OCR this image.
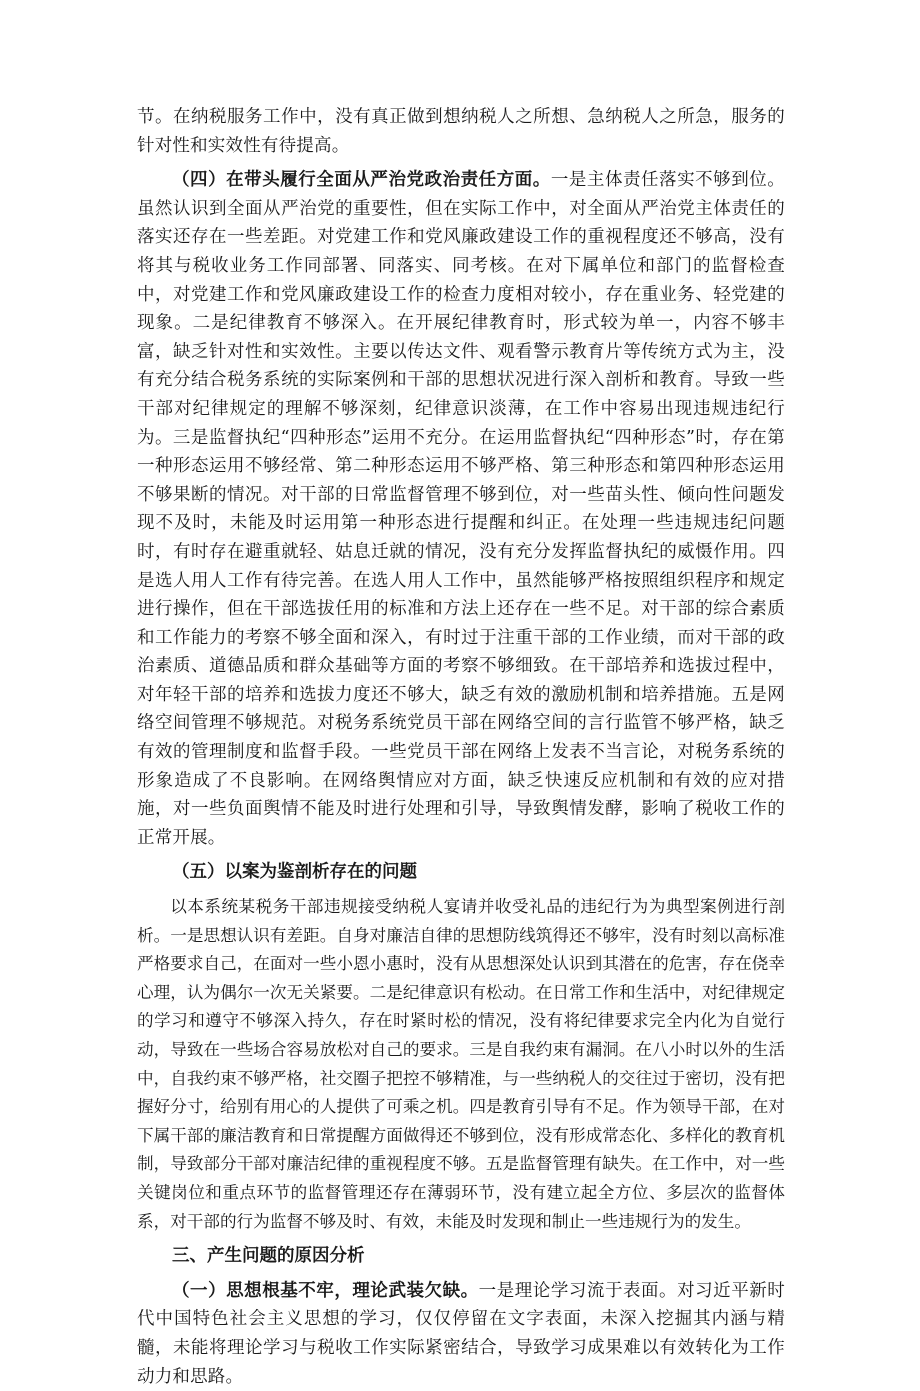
节。在纳税服务工作中，没有真正做到想纳税人之所想、急纳税人之所急，服务的针对性和实效性有待提高。

（四）在带头履行全面从严治党政治责任方面。一是主体责任落实不够到位。虽然认识到全面从严治党的重要性，但在实际工作中，对全面从严治党主体责任的落实还存在一些差距。对党建工作和党风廉政建设工作的重视程度还不够高，没有将其与税收业务工作同部署、同落实、同考核。在对下属单位和部门的监督检查中，对党建工作和党风廉政建设工作的检查力度相对较小，存在重业务、轻党建的现象。二是纪律教育不够深入。在开展纪律教育时，形式较为单一，内容不够丰富，缺乏针对性和实效性。主要以传达文件、观看警示教育片等传统方式为主，没有充分结合税务系统的实际案例和干部的思想状况进行深入剖析和教育。导致一些干部对纪律规定的理解不够深刻，纪律意识淡薄，在工作中容易出现违规违纪行为。三是监督执纪“四种形态”运用不充分。在运用监督执纪“四种形态”时，存在第一种形态运用不够经常、第二种形态运用不够严格、第三种形态和第四种形态运用不够果断的情况。对干部的日常监督管理不够到位，对一些苗头性、倾向性问题发现不及时，未能及时运用第一种形态进行提醒和纠正。在处理一些违规违纪问题时，有时存在避重就轻、姑息迁就的情况，没有充分发挥监督执纪的威慑作用。四是选人用人工作有待完善。在选人用人工作中，虽然能够严格按照组织程序和规定进行操作，但在干部选拔任用的标准和方法上还存在一些不足。对干部的综合素质和工作能力的考察不够全面和深入，有时过于注重干部的工作业绩，而对干部的政治素质、道德品质和群众基础等方面的考察不够细致。在干部培养和选拔过程中，对年轻干部的培养和选拔力度还不够大，缺乏有效的激励机制和培养措施。五是网络空间管理不够规范。对税务系统党员干部在网络空间的言行监管不够严格，缺乏有效的管理制度和监督手段。一些党员干部在网络上发表不当言论，对税务系统的形象造成了不良影响。在网络舆情应对方面，缺乏快速反应机制和有效的应对措施，对一些负面舆情不能及时进行处理和引导，导致舆情发酵，影响了税收工作的正常开展。

（五）以案为鉴剖析存在的问题

以本系统某税务干部违规接受纳税人宴请并收受礼品的违纪行为为典型案例进行剖析。一是思想认识有差距。自身对廉洁自律的思想防线筑得还不够牢，没有时刻以高标准严格要求自己，在面对一些小恩小惠时，没有从思想深处认识到其潜在的危害，存在侥幸心理，认为偶尔一次无关紧要。二是纪律意识有松动。在日常工作和生活中，对纪律规定的学习和遵守不够深入持久，存在时紧时松的情况，没有将纪律要求完全内化为自觉行动，导致在一些场合容易放松对自己的要求。三是自我约束有漏洞。在八小时以外的生活中，自我约束不够严格，社交圈子把控不够精准，与一些纳税人的交往过于密切，没有把握好分寸，给别有用心的人提供了可乘之机。四是教育引导有不足。作为领导干部，在对下属干部的廉洁教育和日常提醒方面做得还不够到位，没有形成常态化、多样化的教育机制，导致部分干部对廉洁纪律的重视程度不够。五是监督管理有缺失。在工作中，对一些关键岗位和重点环节的监督管理还存在薄弱环节，没有建立起全方位、多层次的监督体系，对干部的行为监督不够及时、有效，未能及时发现和制止一些违规行为的发生。

三、产生问题的原因分析

（一）思想根基不牢，理论武装欠缺。一是理论学习流于表面。对习近平新时代中国特色社会主义思想的学习，仅仅停留在文字表面，未深入挖掘其内涵与精髓，未能将理论学习与税收工作实际紧密结合，导致学习成果难以有效转化为工作动力和思路。
